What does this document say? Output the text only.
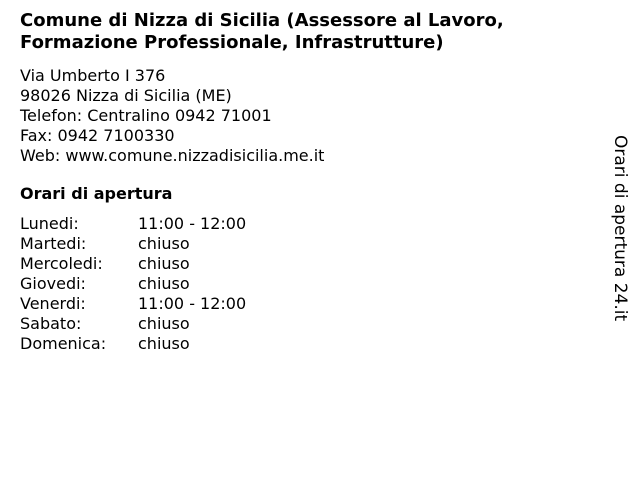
Comune di Nizza di Sicilia (Assessore al Lavoro, Formazione Professionale, Infrastrutture)
Via Umberto I 376
98026 Nizza di Sicilia (ME)
Telefon: Centralino 0942 71001
Fax: 0942 7100330
Web: www.comune.nizzadisicilia.me.it
Orari di apertura
Lunedi:	11:00 - 12:00
Martedi:	chiuso
Mercoledi:	chiuso
Giovedi:	chiuso
Venerdi:	11:00 - 12:00
Sabato:	chiuso
Domenica:	chiuso
Orari di apertura 24.it
